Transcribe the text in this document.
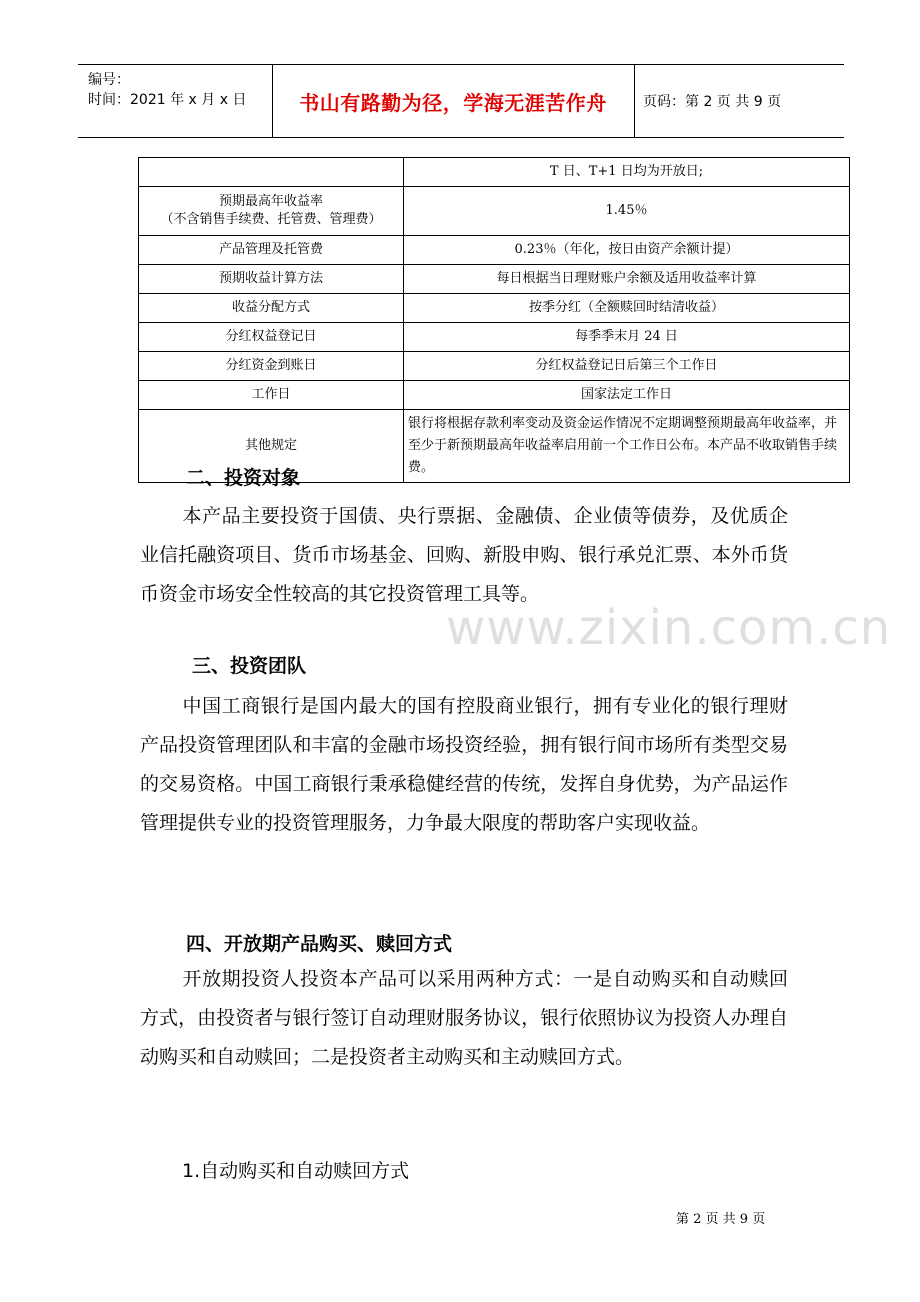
编号：
时间：2021 年 x 月 x 日	书山有路勤为径，学海无涯苦作舟	页码：第 2 页 共 9 页
	T 日、T+1 日均为开放日;
预期最高年收益率
（不含销售手续费、托管费、管理费）	1.45％
产品管理及托管费	0.23％（年化，按日由资产余额计提）
预期收益计算方法	每日根据当日理财账户余额及适用收益率计算
收益分配方式	按季分红（全额赎回时结清收益）
分红权益登记日	每季季末月 24 日
分红资金到账日	分红权益登记日后第三个工作日
工作日	国家法定工作日
其他规定	银行将根据存款利率变动及资金运作情况不定期调整预期最高年收益率，并至少于新预期最高年收益率启用前一个工作日公布。本产品不收取销售手续费。
www.zixin.com.cn
二、投资对象
本产品主要投资于国债、央行票据、金融债、企业债等债券，及优质企业信托融资项目、货币市场基金、回购、新股申购、银行承兑汇票、本外币货币资金市场安全性较高的其它投资管理工具等。
三、投资团队
中国工商银行是国内最大的国有控股商业银行，拥有专业化的银行理财产品投资管理团队和丰富的金融市场投资经验，拥有银行间市场所有类型交易的交易资格。中国工商银行秉承稳健经营的传统，发挥自身优势，为产品运作管理提供专业的投资管理服务，力争最大限度的帮助客户实现收益。
四、开放期产品购买、赎回方式
开放期投资人投资本产品可以采用两种方式：一是自动购买和自动赎回方式，由投资者与银行签订自动理财服务协议，银行依照协议为投资人办理自动购买和自动赎回；二是投资者主动购买和主动赎回方式。
1.自动购买和自动赎回方式
第 2 页 共 9 页
